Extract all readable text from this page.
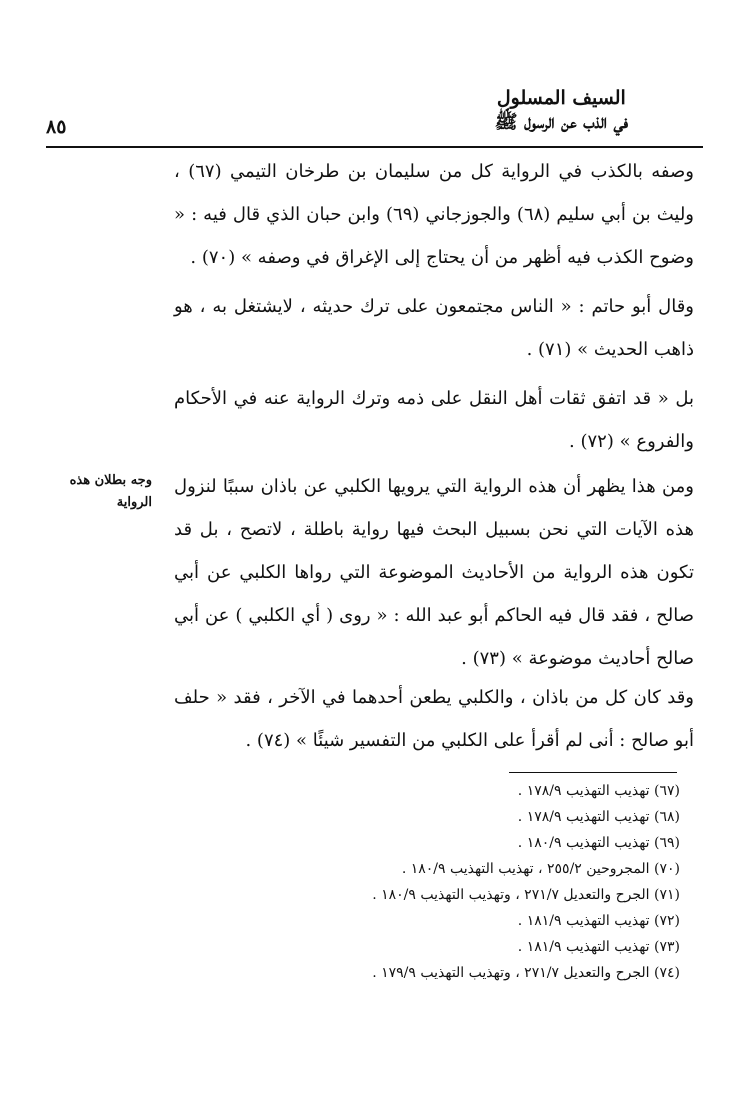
السيف المسلول
في الذب عن الرسول ﷺ
٨٥

وصفه بالكذب في الرواية كل من سليمان بن طرخان التيمي (٦٧) ، وليث بن أبي سليم (٦٨) والجوزجاني (٦٩) وابن حبان الذي قال فيه : « وضوح الكذب فيه أظهر من أن يحتاج إلى الإغراق في وصفه » (٧٠) .

وقال أبو حاتم : « الناس مجتمعون على ترك حديثه ، لايشتغل به ، هو ذاهب الحديث » (٧١) .

بل « قد اتفق ثقات أهل النقل على ذمه وترك الرواية عنه في الأحكام والفروع » (٧٢) .

ومن هذا يظهر أن هذه الرواية التي يرويها الكلبي عن باذان سببًا لنزول هذه الآيات التي نحن بسبيل البحث فيها رواية باطلة ، لاتصح ، بل قد تكون هذه الرواية من الأحاديث الموضوعة التي رواها الكلبي عن أبي صالح ، فقد قال فيه الحاكم أبو عبد الله : « روى ( أي الكلبي ) عن أبي صالح أحاديث موضوعة » (٧٣) .

وقد كان كل من باذان ، والكلبي يطعن أحدهما في الآخر ، فقد « حلف أبو صالح : أنى لم أقرأ على الكلبي من التفسير شيئًا » (٧٤) .

وجه بطلان هذه الرواية
(٦٧) تهذيب التهذيب ١٧٨/٩ .
(٦٨) تهذيب التهذيب ١٧٨/٩ .
(٦٩) تهذيب التهذيب ١٨٠/٩ .
(٧٠) المجروحين ٢٥٥/٢ ، تهذيب التهذيب ١٨٠/٩ .
(٧١) الجرح والتعديل ٢٧١/٧ ، وتهذيب التهذيب ١٨٠/٩ .
(٧٢) تهذيب التهذيب ١٨١/٩ .
(٧٣) تهذيب التهذيب ١٨١/٩ .
(٧٤) الجرح والتعديل ٢٧١/٧ ، وتهذيب التهذيب ١٧٩/٩ .
